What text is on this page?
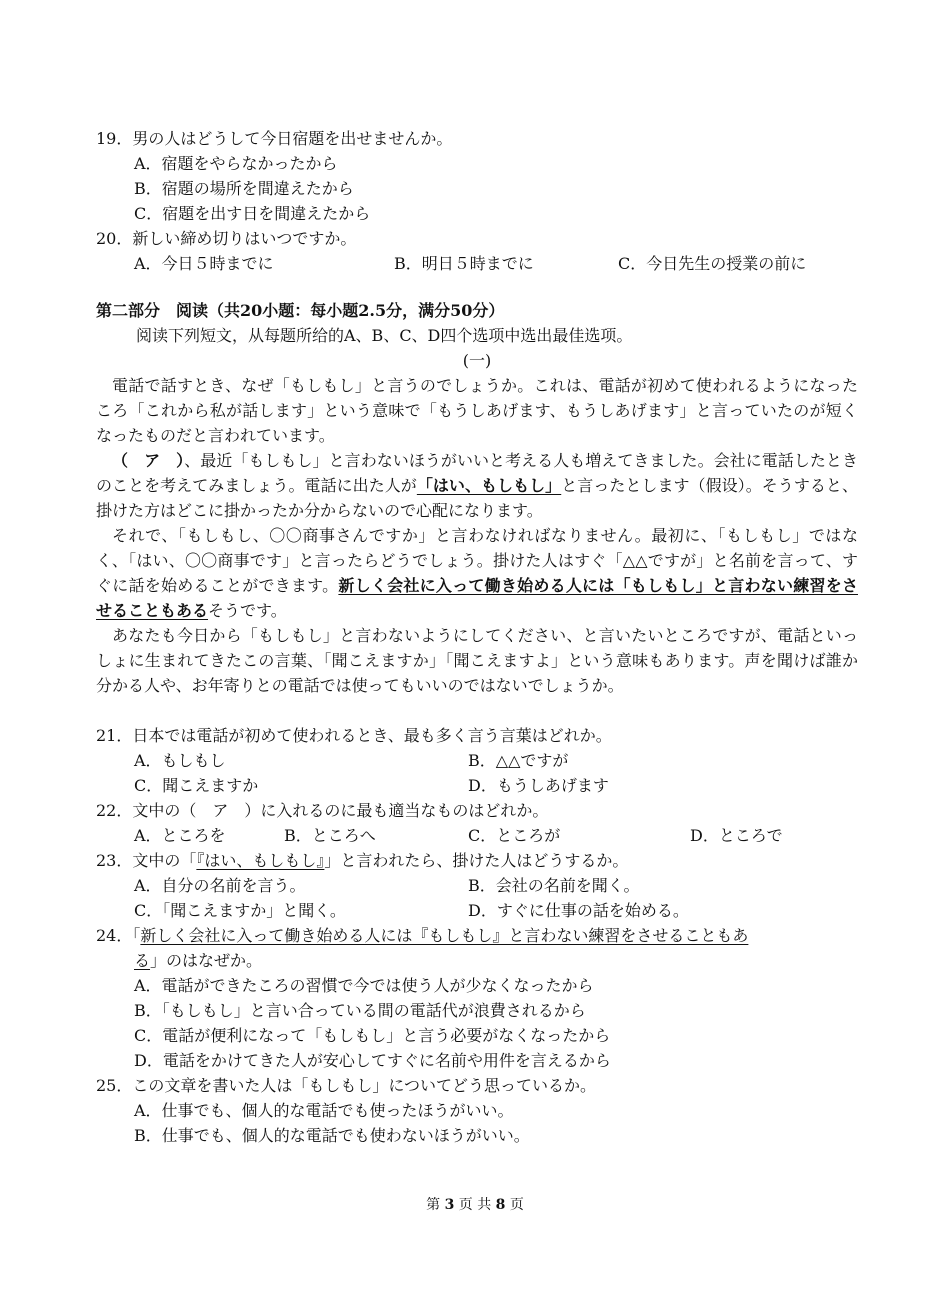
19．男の人はどうして今日宿題を出せませんか。
A．宿題をやらなかったから
B．宿題の場所を間違えたから
C．宿題を出す日を間違えたから
20．新しい締め切りはいつですか。
A．今日５時までに	B．明日５時までに	C．今日先生の授業の前に
第二部分　阅读（共20小题：每小题2.5分，满分50分）
阅读下列短文，从每题所给的A、B、C、D四个选项中选出最佳选项。
(一)
電話で話すとき、なぜ「もしもし」と言うのでしょうか。これは、電話が初めて使われるようになったころ「これから私が話します」という意味で「もうしあげます、もうしあげます」と言っていたのが短くなったものだと言われています。
（　ア　）、最近「もしもし」と言わないほうがいいと考える人も増えてきました。会社に電話したときのことを考えてみましょう。電話に出た人が「はい、もしもし」と言ったとします（假设）。そうすると、掛けた方はどこに掛かったか分からないので心配になります。
それで、「もしもし、〇〇商事さんですか」と言わなければなりません。最初に、「もしもし」ではなく、「はい、〇〇商事です」と言ったらどうでしょう。掛けた人はすぐ「△△ですが」と名前を言って、すぐに話を始めることができます。新しく会社に入って働き始める人には「もしもし」と言わない練習をさせることもあるそうです。
あなたも今日から「もしもし」と言わないようにしてください、と言いたいところですが、電話といっしょに生まれてきたこの言葉、「聞こえますか」「聞こえますよ」という意味もあります。声を聞けば誰か分かる人や、お年寄りとの電話では使ってもいいのではないでしょうか。
21．日本では電話が初めて使われるとき、最も多く言う言葉はどれか。
A．もしもし	B．△△ですが
C．聞こえますか	D．もうしあげます
22．文中の（　ア　）に入れるのに最も適当なものはどれか。
A．ところを	B．ところへ	C．ところが	D．ところで
23．文中の「『はい、もしもし』」と言われたら、掛けた人はどうするか。
A．自分の名前を言う。	B．会社の名前を聞く。
C．「聞こえますか」と聞く。	D．すぐに仕事の話を始める。
24．「新しく会社に入って働き始める人には『もしもし』と言わない練習をさせることもあ
る」のはなぜか。
A．電話ができたころの習慣で今では使う人が少なくなったから
B．「もしもし」と言い合っている間の電話代が浪費されるから
C．電話が便利になって「もしもし」と言う必要がなくなったから
D．電話をかけてきた人が安心してすぐに名前や用件を言えるから
25．この文章を書いた人は「もしもし」についてどう思っているか。
A．仕事でも、個人的な電話でも使ったほうがいい。
B．仕事でも、個人的な電話でも使わないほうがいい。
第 3 页 共 8 页
